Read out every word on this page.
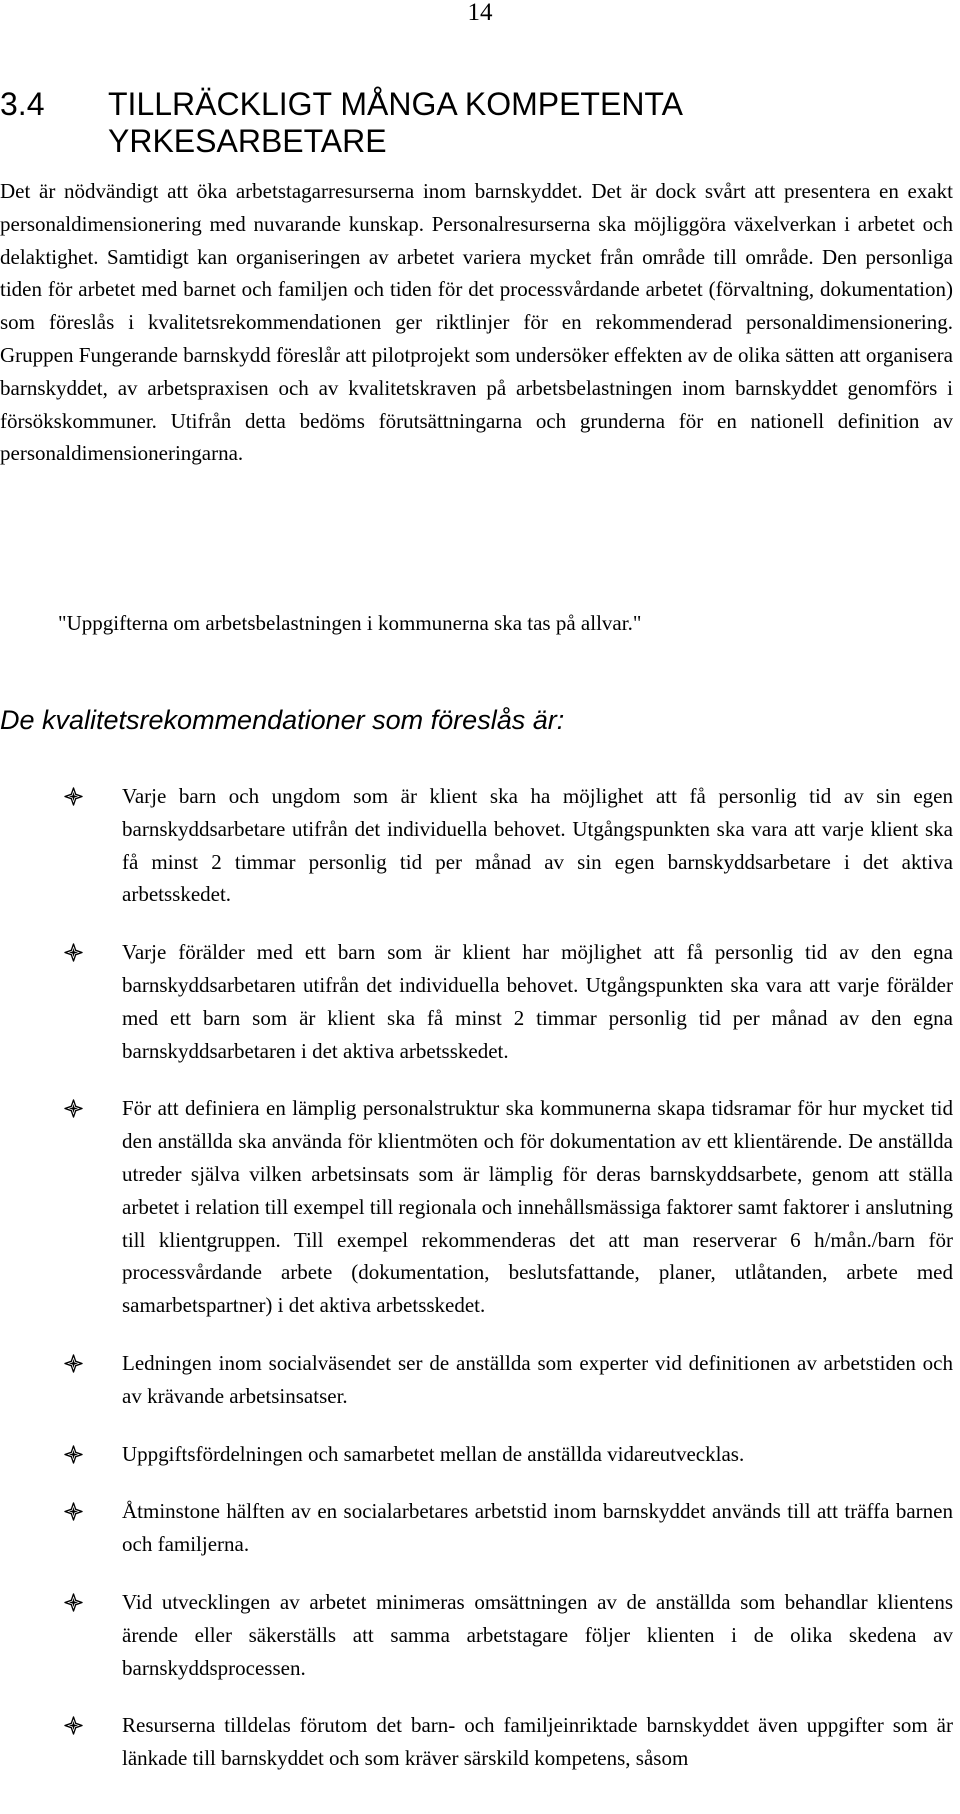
14
3.4 TILLRÄCKLIGT MÅNGA KOMPETENTA YRKESARBETARE

Det är nödvändigt att öka arbetstagarresurserna inom barnskyddet. Det är dock svårt att presentera en exakt personaldimensionering med nuvarande kunskap. Personalresurserna ska möjliggöra växelverkan i arbetet och delaktighet. Samtidigt kan organiseringen av arbetet variera mycket från område till område. Den personliga tiden för arbetet med barnet och familjen och tiden för det processvårdande arbetet (förvaltning, dokumentation) som föreslås i kvalitetsrekommendationen ger riktlinjer för en rekommenderad personaldimensionering. Gruppen Fungerande barnskydd föreslår att pilotprojekt som undersöker effekten av de olika sätten att organisera barnskyddet, av arbetspraxisen och av kvalitetskraven på arbetsbelastningen inom barnskyddet genomförs i försökskommuner. Utifrån detta bedöms förutsättningarna och grunderna för en nationell definition av personaldimensioneringarna.

"Uppgifterna om arbetsbelastningen i kommunerna ska tas på allvar."

De kvalitetsrekommendationer som föreslås är:
Varje barn och ungdom som är klient ska ha möjlighet att få personlig tid av sin egen barnskyddsarbetare utifrån det individuella behovet. Utgångspunkten ska vara att varje klient ska få minst 2 timmar personlig tid per månad av sin egen barnskyddsarbetare i det aktiva arbetsskedet.
Varje förälder med ett barn som är klient har möjlighet att få personlig tid av den egna barnskyddsarbetaren utifrån det individuella behovet. Utgångspunkten ska vara att varje förälder med ett barn som är klient ska få minst 2 timmar personlig tid per månad av den egna barnskyddsarbetaren i det aktiva arbetsskedet.
För att definiera en lämplig personalstruktur ska kommunerna skapa tidsramar för hur mycket tid den anställda ska använda för klientmöten och för dokumentation av ett klientärende. De anställda utreder själva vilken arbetsinsats som är lämplig för deras barnskyddsarbete, genom att ställa arbetet i relation till exempel till regionala och innehållsmässiga faktorer samt faktorer i anslutning till klientgruppen. Till exempel rekommenderas det att man reserverar 6 h/mån./barn för processvårdande arbete (dokumentation, beslutsfattande, planer, utlåtanden, arbete med samarbetspartner) i det aktiva arbetsskedet.
Ledningen inom socialväsendet ser de anställda som experter vid definitionen av arbetstiden och av krävande arbetsinsatser.
Uppgiftsfördelningen och samarbetet mellan de anställda vidareutvecklas.
Åtminstone hälften av en socialarbetares arbetstid inom barnskyddet används till att träffa barnen och familjerna.
Vid utvecklingen av arbetet minimeras omsättningen av de anställda som behandlar klientens ärende eller säkerställs att samma arbetstagare följer klienten i de olika skedena av barnskyddsprocessen.
Resurserna tilldelas förutom det barn- och familjeinriktade barnskyddet även uppgifter som är länkade till barnskyddet och som kräver särskild kompetens, såsom
